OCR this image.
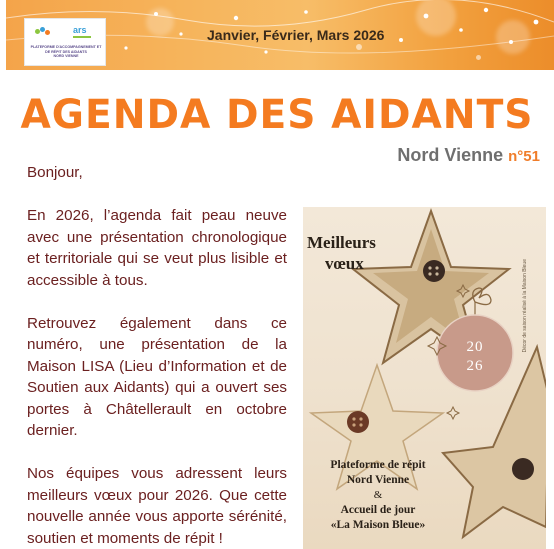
ars
PLATEFORME D'ACCOMPAGNEMENT ET DE RÉPIT DES AIDANTS
NORD VIENNE
Janvier, Février, Mars 2026
AGENDA DES AIDANTS
Nord Vienne n°51

Bonjour,

En 2026, l’agenda fait peau neuve avec une présentation chronologique et territoriale qui se veut plus lisible et accessible à tous.

Retrouvez également dans ce numéro, une présentation de la Maison LISA (Lieu d’Information et de Soutien aux Aidants) qui a ouvert ses portes à Châtellerault en octobre dernier.

Nos équipes vous adressent leurs meilleurs vœux pour 2026. Que cette nouvelle année vous apporte sérénité, soutien et moments de répit !

Meilleurs
vœux
20
26
Décor de saison réalisé à la Maison Bleue
Plateforme de répit
Nord Vienne
&
Accueil de jour
«La Maison Bleue»
